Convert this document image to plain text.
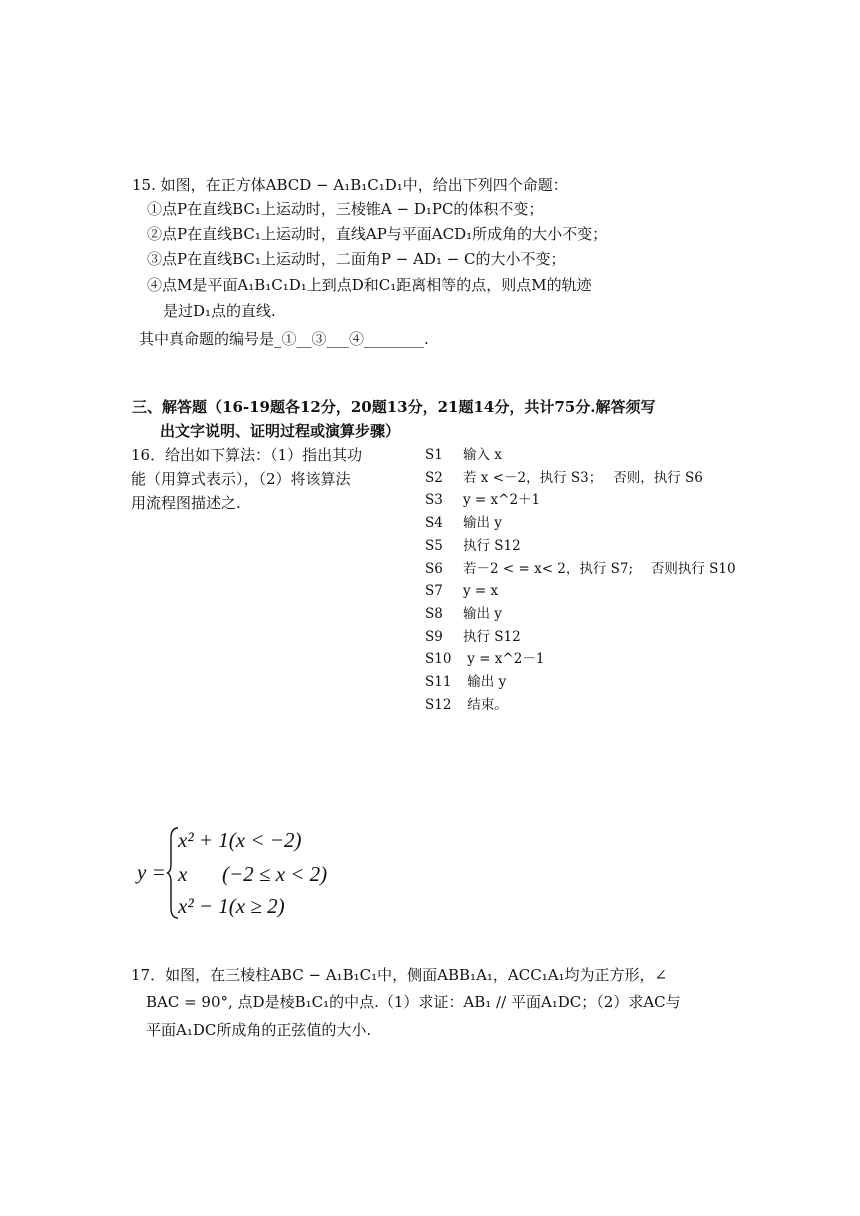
15. 如图，在正方体ABCD − A₁B₁C₁D₁中，给出下列四个命题：
①点P在直线BC₁上运动时，三棱锥A − D₁PC的体积不变；
②点P在直线BC₁上运动时，直线AP与平面ACD₁所成角的大小不变；
③点P在直线BC₁上运动时，二面角P − AD₁ − C的大小不变；
④点M是平面A₁B₁C₁D₁上到点D和C₁距离相等的点，则点M的轨迹
是过D₁点的直线.
其中真命题的编号是_①__③___④________.
三、解答题（16-19题各12分，20题13分，21题14分，共计75分.解答须写
出文字说明、证明过程或演算步骤）
16．给出如下算法：（1）指出其功
能（用算式表示），（2）将该算法
用流程图描述之.
S1 输入 x
S2 若 x <－2，执行 S3；　 否则，执行 S6
S3 y = x^2＋1
S4 输出 y
S5 执行 S12
S6 若－2 < = x< 2，执行 S7;　 否则执行 S10
S7 y = x
S8 输出 y
S9 执行 S12
S10 y = x^2－1
S11 输出 y
S12 结束。
y =
x² + 1(x < −2)
x (−2 ≤ x < 2)
x² − 1(x ≥ 2)
17．如图，在三棱柱ABC − A₁B₁C₁中，侧面ABB₁A₁，ACC₁A₁均为正方形，∠
BAC = 90°, 点D是棱B₁C₁的中点.（1）求证：AB₁ // 平面A₁DC；（2）求AC与
平面A₁DC所成角的正弦值的大小.
